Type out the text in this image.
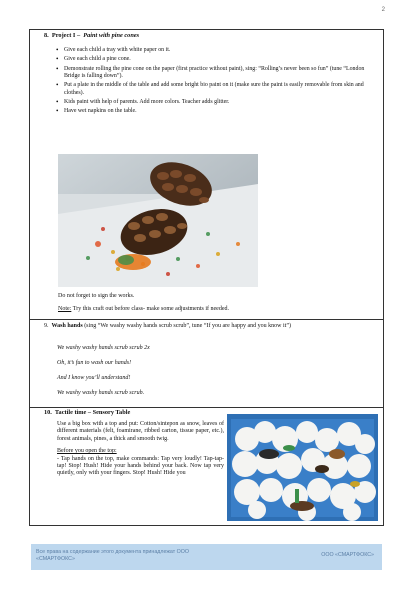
2
8. Project I – Paint with pine cones
• Give each child a tray with white paper on it.
• Give each child a pine cone.
• Demonstrate rolling the pine cone on the paper (first practice without paint), sing: “Rolling’s never been so fun” (tune “London Bridge is falling down”).
• Put a plate in the middle of the table and add some bright bio paint on it (make sure the paint is easily removable from skin and clothes).
• Kids paint with help of parents. Add more colors. Teacher adds glitter.
• Have wet napkins on the table.
Do not forget to sign the works.
Note: Try this craft out before class- make some adjustments if needed.
9. Wash hands (sing “We washy washy hands scrub scrub”, tune “If you are happy and you know it”)
We washy washy hands scrub scrub 2x
Oh, it’s fun to wash our hands!
And I know you’ll understand!
We washy washy hands scrub scrub.
10. Tactile time – Sensory Table

Use a big box with a top and put: Cotton/sintepon as snow, leaves of different materials (felt, foamirane, ribbed carton, tissue paper, etc.), forest animals, pines, a thick and smooth twig.

Before you open the top:

- Tap hands on the top, make commands: Tap very loudly! Tap-tap-tap! Stop! Hush! Hide your hands behind your back. Now tap very quietly, only with your fingers. Stop! Hush! Hide you

Все права на содержание этого документа принадлежат ООО «СМАРТФОКС»
ООО «СМАРТФОКС»
